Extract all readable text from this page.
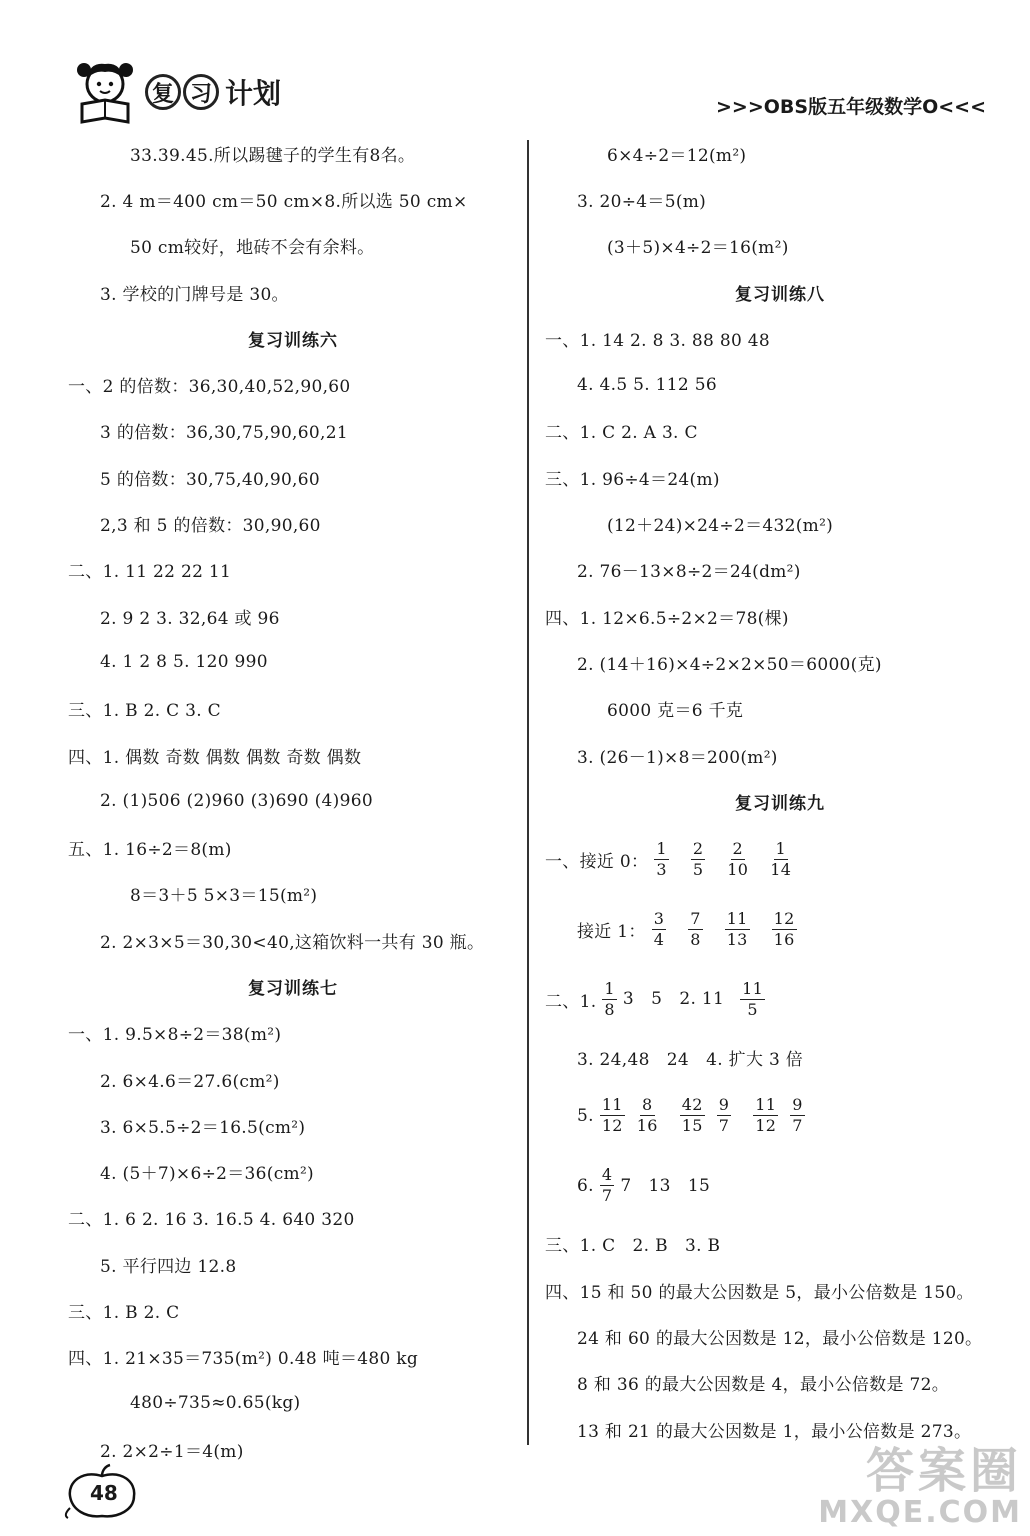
复 习 计划	>>>OBS版五年级数学O<<<
33.39.45.所以踢毽子的学生有8名。
2. 4 m＝400 cm＝50 cm×8.所以选 50 cm×
50 cm较好，地砖不会有余料。
3. 学校的门牌号是 30。
复习训练六
一、2 的倍数：36,30,40,52,90,60
3 的倍数：36,30,75,90,60,21
5 的倍数：30,75,40,90,60
2,3 和 5 的倍数：30,90,60
二、1. 11 22 22 11
2. 9 2 3. 32,64 或 96
4. 1 2 8 5. 120 990
三、1. B 2. C 3. C
四、1. 偶数 奇数 偶数 偶数 奇数 偶数
2. (1)506 (2)960 (3)690 (4)960
五、1. 16÷2＝8(m)
8＝3＋5 5×3＝15(m²)
2. 2×3×5＝30,30<40,这箱饮料一共有 30 瓶。
复习训练七
一、1. 9.5×8÷2＝38(m²)
2. 6×4.6＝27.6(cm²)
3. 6×5.5÷2＝16.5(cm²)
4. (5＋7)×6÷2＝36(cm²)
二、1. 6 2. 16 3. 16.5 4. 640 320
5. 平行四边 12.8
三、1. B 2. C
四、1. 21×35＝735(m²) 0.48 吨＝480 kg
480÷735≈0.65(kg)
2. 2×2÷1＝4(m)
6×4÷2＝12(m²)
3. 20÷4＝5(m)
(3＋5)×4÷2＝16(m²)
复习训练八
一、1. 14 2. 8 3. 88 80 48
4. 4.5 5. 112 56
二、1. C 2. A 3. C
三、1. 96÷4＝24(m)
(12＋24)×24÷2＝432(m²)
2. 76－13×8÷2＝24(dm²)
四、1. 12×6.5÷2×2＝78(棵)
2. (14＋16)×4÷2×2×50＝6000(克)
6000 克＝6 千克
3. (26－1)×8＝200(m²)
复习训练九
一、接近 0： $\frac{1}{3} \frac{2}{5} \frac{2}{10} \frac{1}{14}$
接近 1： $\frac{3}{4} \frac{7}{8} \frac{11}{13} \frac{12}{16}$
二、1. $\frac{1}{8} 3$   5   2. $11 \frac{11}{5}$
3. 24,48   24   4. 扩大 3 倍
5. $\frac{11}{12} \frac{8}{16} \frac{42}{15} \frac{9}{7} \frac{11}{12} \frac{9}{7}$
6. $\frac{4}{7} 7$   13   15
三、1. C   2. B   3. B
四、15 和 50 的最大公因数是 5，最小公倍数是 150。
24 和 60 的最大公因数是 12，最小公倍数是 120。
8 和 36 的最大公因数是 4，最小公倍数是 72。
13 和 21 的最大公因数是 1，最小公倍数是 273。
48	答案圈
MXQE.COM
